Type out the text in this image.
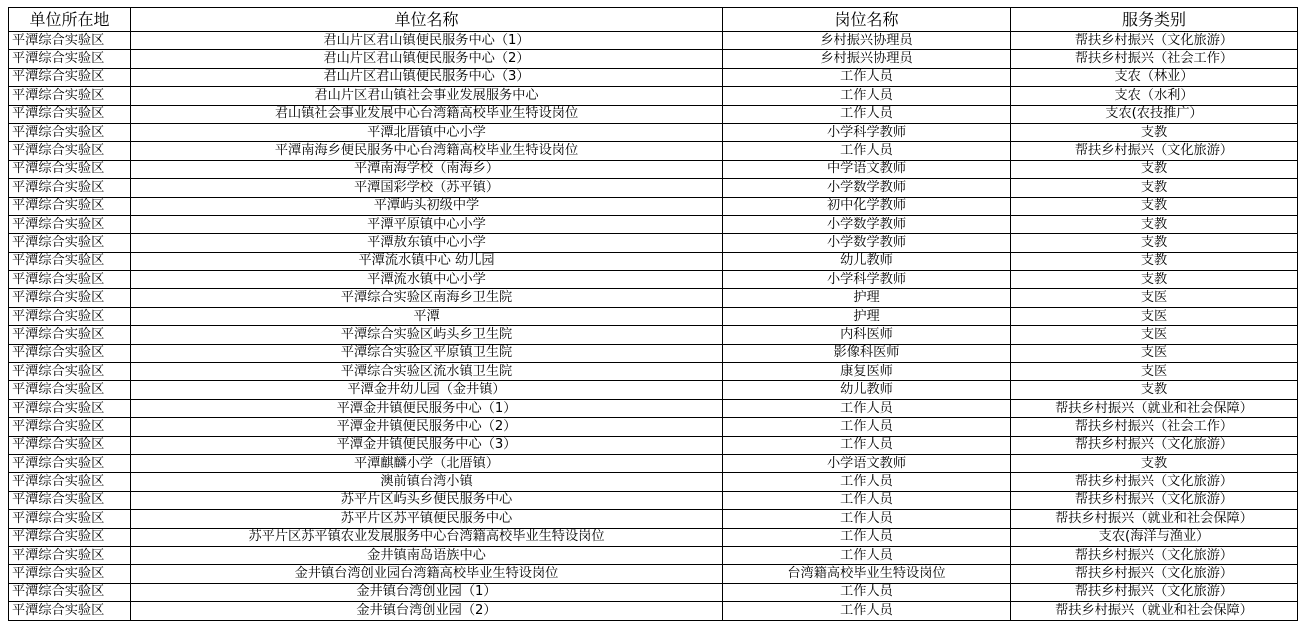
单位所在地	单位名称	岗位名称	服务类别
平潭综合实验区	君山片区君山镇便民服务中心（1）	乡村振兴协理员	帮扶乡村振兴（文化旅游）
平潭综合实验区	君山片区君山镇便民服务中心（2）	乡村振兴协理员	帮扶乡村振兴（社会工作）
平潭综合实验区	君山片区君山镇便民服务中心（3）	工作人员	支农（林业）
平潭综合实验区	君山片区君山镇社会事业发展服务中心	工作人员	支农（水利）
平潭综合实验区	君山镇社会事业发展中心台湾籍高校毕业生特设岗位	工作人员	支农(农技推广）
平潭综合实验区	平潭北厝镇中心小学	小学科学教师	支教
平潭综合实验区	平潭南海乡便民服务中心台湾籍高校毕业生特设岗位	工作人员	帮扶乡村振兴（文化旅游）
平潭综合实验区	平潭南海学校（南海乡）	中学语文教师	支教
平潭综合实验区	平潭国彩学校（苏平镇）	小学数学教师	支教
平潭综合实验区	平潭屿头初级中学	初中化学教师	支教
平潭综合实验区	平潭平原镇中心小学	小学数学教师	支教
平潭综合实验区	平潭敖东镇中心小学	小学数学教师	支教
平潭综合实验区	平潭流水镇中心 幼儿园	幼儿教师	支教
平潭综合实验区	平潭流水镇中心小学	小学科学教师	支教
平潭综合实验区	平潭综合实验区南海乡卫生院	护理	支医
平潭综合实验区	平潭	护理	支医
平潭综合实验区	平潭综合实验区屿头乡卫生院	内科医师	支医
平潭综合实验区	平潭综合实验区平原镇卫生院	影像科医师	支医
平潭综合实验区	平潭综合实验区流水镇卫生院	康复医师	支医
平潭综合实验区	平潭金井幼儿园（金井镇）	幼儿教师	支教
平潭综合实验区	平潭金井镇便民服务中心（1）	工作人员	帮扶乡村振兴（就业和社会保障）
平潭综合实验区	平潭金井镇便民服务中心（2）	工作人员	帮扶乡村振兴（社会工作）
平潭综合实验区	平潭金井镇便民服务中心（3）	工作人员	帮扶乡村振兴（文化旅游）
平潭综合实验区	平潭麒麟小学（北厝镇）	小学语文教师	支教
平潭综合实验区	澳前镇台湾小镇	工作人员	帮扶乡村振兴（文化旅游）
平潭综合实验区	苏平片区屿头乡便民服务中心	工作人员	帮扶乡村振兴（文化旅游）
平潭综合实验区	苏平片区苏平镇便民服务中心	工作人员	帮扶乡村振兴（就业和社会保障）
平潭综合实验区	苏平片区苏平镇农业发展服务中心台湾籍高校毕业生特设岗位	工作人员	支农(海洋与渔业）
平潭综合实验区	金井镇南岛语族中心	工作人员	帮扶乡村振兴（文化旅游）
平潭综合实验区	金井镇台湾创业园台湾籍高校毕业生特设岗位	台湾籍高校毕业生特设岗位	帮扶乡村振兴（文化旅游）
平潭综合实验区	金井镇台湾创业园（1）	工作人员	帮扶乡村振兴（文化旅游）
平潭综合实验区	金井镇台湾创业园（2）	工作人员	帮扶乡村振兴（就业和社会保障）
